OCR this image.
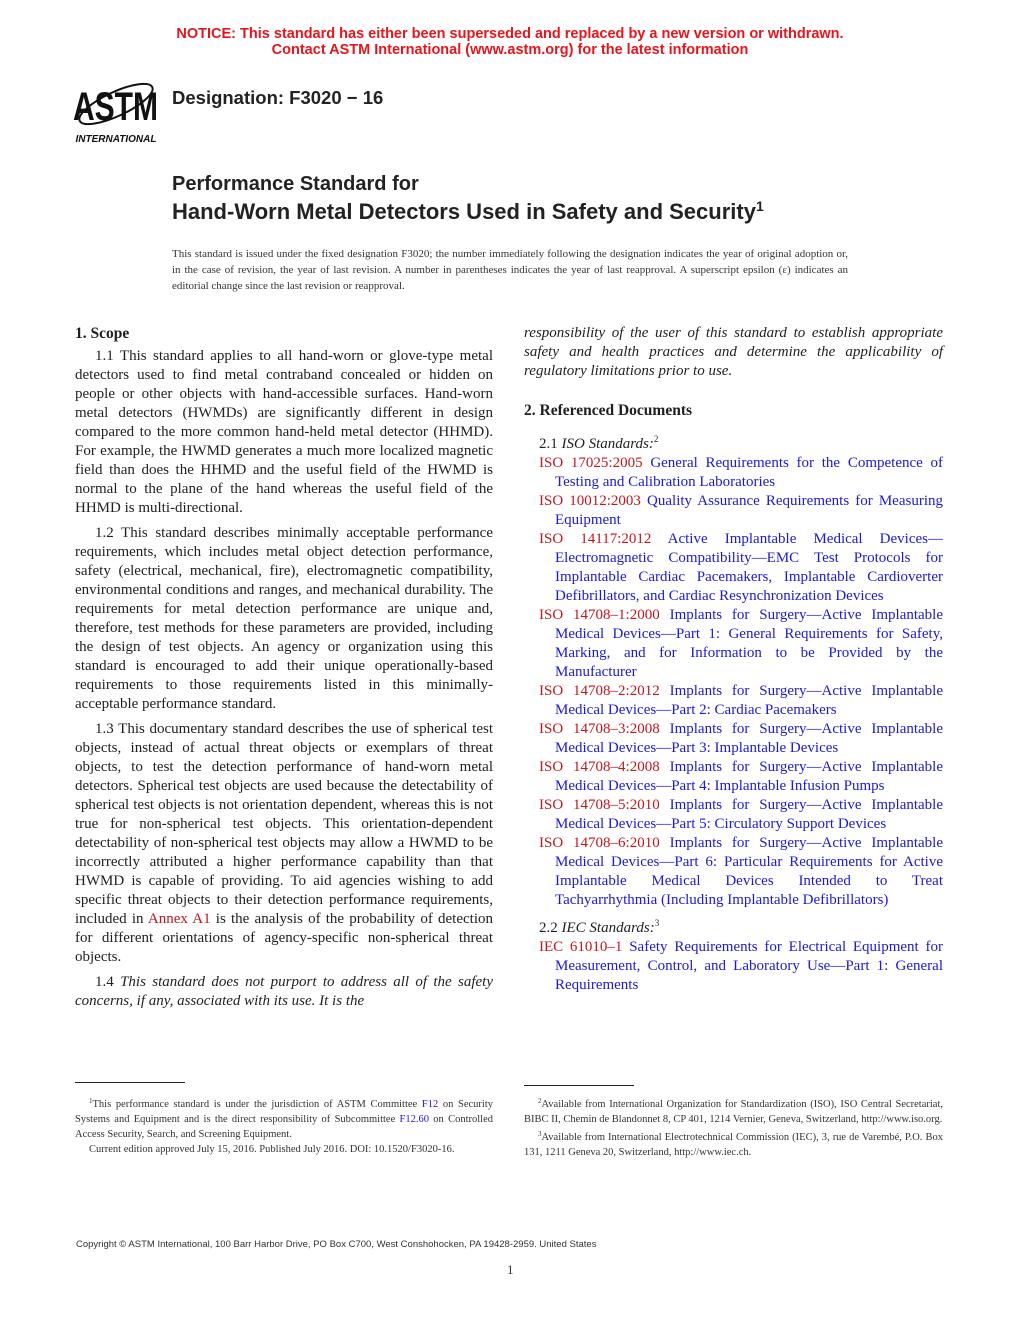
NOTICE: This standard has either been superseded and replaced by a new version or withdrawn.
Contact ASTM International (www.astm.org) for the latest information
ASTM
INTERNATIONAL
Designation: F3020 − 16
Performance Standard for
Hand-Worn Metal Detectors Used in Safety and Security$^1$
This standard is issued under the fixed designation F3020; the number immediately following the designation indicates the year of original adoption or, in the case of revision, the year of last revision. A number in parentheses indicates the year of last reapproval. A superscript epsilon (ε) indicates an editorial change since the last revision or reapproval.
1. Scope

1.1 This standard applies to all hand-worn or glove-type metal detectors used to find metal contraband concealed or hidden on people or other objects with hand-accessible surfaces. Hand-worn metal detectors (HWMDs) are significantly different in design compared to the more common hand-held metal detector (HHMD). For example, the HWMD generates a much more localized magnetic field than does the HHMD and the useful field of the HWMD is normal to the plane of the hand whereas the useful field of the HHMD is multi-directional.

1.2 This standard describes minimally acceptable performance requirements, which includes metal object detection performance, safety (electrical, mechanical, fire), electromagnetic compatibility, environmental conditions and ranges, and mechanical durability. The requirements for metal detection performance are unique and, therefore, test methods for these parameters are provided, including the design of test objects. An agency or organization using this standard is encouraged to add their unique operationally-based requirements to those requirements listed in this minimally-acceptable performance standard.

1.3 This documentary standard describes the use of spherical test objects, instead of actual threat objects or exemplars of threat objects, to test the detection performance of hand-worn metal detectors. Spherical test objects are used because the detectability of spherical test objects is not orientation dependent, whereas this is not true for non-spherical test objects. This orientation-dependent detectability of non-spherical test objects may allow a HWMD to be incorrectly attributed a higher performance capability than that HWMD is capable of providing. To aid agencies wishing to add specific threat objects to their detection performance requirements, included in Annex A1 is the analysis of the probability of detection for different orientations of agency-specific non-spherical threat objects.

1.4 This standard does not purport to address all of the safety concerns, if any, associated with its use. It is the

$^1$This performance standard is under the jurisdiction of ASTM Committee F12 on Security Systems and Equipment and is the direct responsibility of Subcommittee F12.60 on Controlled Access Security, Search, and Screening Equipment.

Current edition approved July 15, 2016. Published July 2016. DOI: 10.1520/F3020-16.

responsibility of the user of this standard to establish appropriate safety and health practices and determine the applicability of regulatory limitations prior to use.

2. Referenced Documents
2.1 ISO Standards:$^2$
ISO 17025:2005 General Requirements for the Competence of Testing and Calibration Laboratories
ISO 10012:2003 Quality Assurance Requirements for Measuring Equipment
ISO 14117:2012 Active Implantable Medical Devices—Electromagnetic Compatibility—EMC Test Protocols for Implantable Cardiac Pacemakers, Implantable Cardioverter Defibrillators, and Cardiac Resynchronization Devices
ISO 14708–1:2000 Implants for Surgery—Active Implantable Medical Devices—Part 1: General Requirements for Safety, Marking, and for Information to be Provided by the Manufacturer
ISO 14708–2:2012 Implants for Surgery—Active Implantable Medical Devices—Part 2: Cardiac Pacemakers
ISO 14708–3:2008 Implants for Surgery—Active Implantable Medical Devices—Part 3: Implantable Devices
ISO 14708–4:2008 Implants for Surgery—Active Implantable Medical Devices—Part 4: Implantable Infusion Pumps
ISO 14708–5:2010 Implants for Surgery—Active Implantable Medical Devices—Part 5: Circulatory Support Devices
ISO 14708–6:2010 Implants for Surgery—Active Implantable Medical Devices—Part 6: Particular Requirements for Active Implantable Medical Devices Intended to Treat Tachyarrhythmia (Including Implantable Defibrillators)
2.2 IEC Standards:$^3$
IEC 61010–1 Safety Requirements for Electrical Equipment for Measurement, Control, and Laboratory Use—Part 1: General Requirements

$^2$Available from International Organization for Standardization (ISO), ISO Central Secretariat, BIBC II, Chemin de Blandonnet 8, CP 401, 1214 Vernier, Geneva, Switzerland, http://www.iso.org.

$^3$Available from International Electrotechnical Commission (IEC), 3, rue de Varembé, P.O. Box 131, 1211 Geneva 20, Switzerland, http://www.iec.ch.

Copyright © ASTM International, 100 Barr Harbor Drive, PO Box C700, West Conshohocken, PA 19428-2959. United States
1
